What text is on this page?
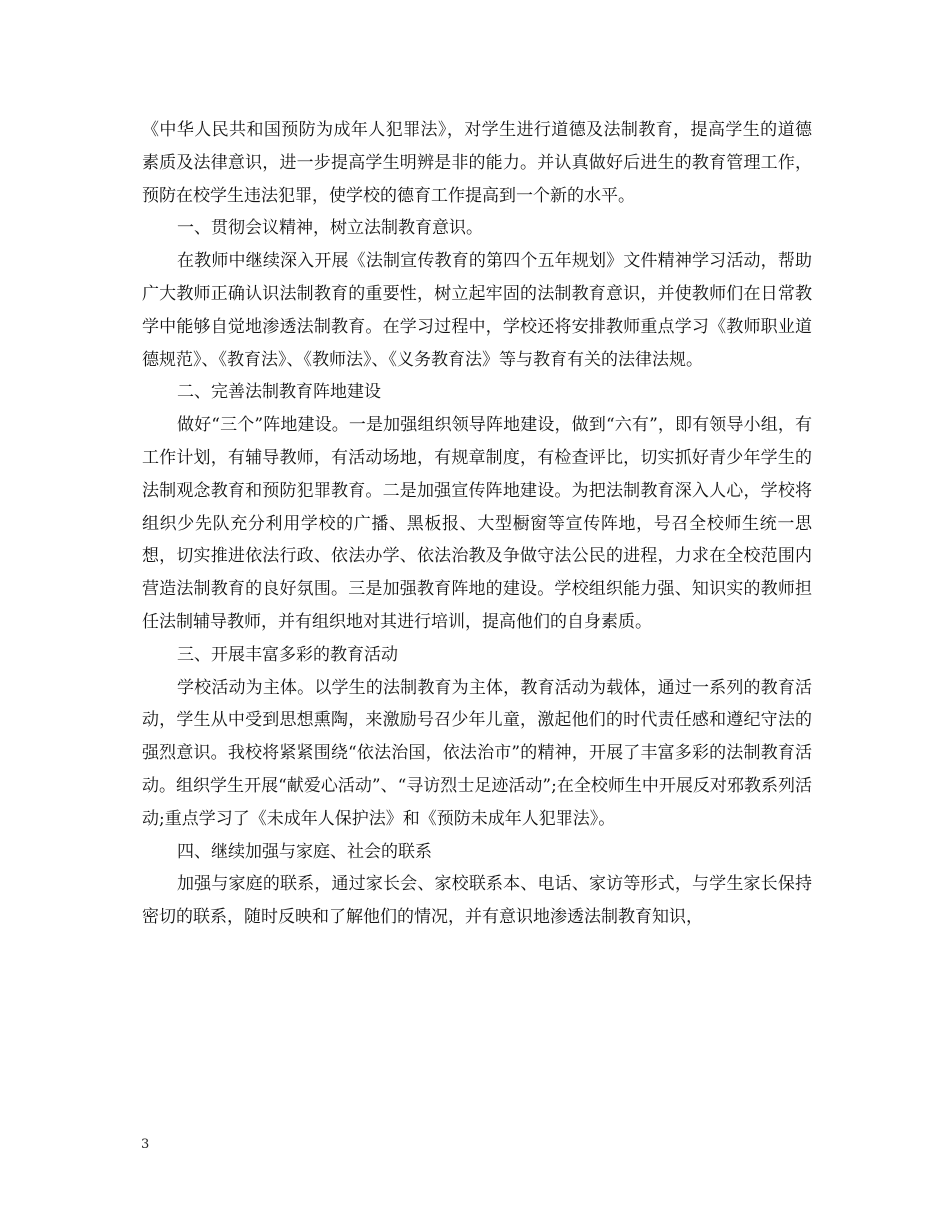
《中华人民共和国预防为成年人犯罪法》，对学生进行道德及法制教育，提高学生的道德素质及法律意识，进一步提高学生明辨是非的能力。并认真做好后进生的教育管理工作，预防在校学生违法犯罪，使学校的德育工作提高到一个新的水平。

一、贯彻会议精神，树立法制教育意识。

在教师中继续深入开展《法制宣传教育的第四个五年规划》文件精神学习活动，帮助广大教师正确认识法制教育的重要性，树立起牢固的法制教育意识，并使教师们在日常教学中能够自觉地渗透法制教育。在学习过程中，学校还将安排教师重点学习《教师职业道德规范》、《教育法》、《教师法》、《义务教育法》等与教育有关的法律法规。

二、完善法制教育阵地建设

做好“三个”阵地建设。一是加强组织领导阵地建设，做到“六有”，即有领导小组，有工作计划，有辅导教师，有活动场地，有规章制度，有检查评比，切实抓好青少年学生的法制观念教育和预防犯罪教育。二是加强宣传阵地建设。为把法制教育深入人心，学校将组织少先队充分利用学校的广播、黑板报、大型橱窗等宣传阵地，号召全校师生统一思想，切实推进依法行政、依法办学、依法治教及争做守法公民的进程，力求在全校范围内营造法制教育的良好氛围。三是加强教育阵地的建设。学校组织能力强、知识实的教师担任法制辅导教师，并有组织地对其进行培训，提高他们的自身素质。

三、开展丰富多彩的教育活动

学校活动为主体。以学生的法制教育为主体，教育活动为载体，通过一系列的教育活动，学生从中受到思想熏陶，来激励号召少年儿童，激起他们的时代责任感和遵纪守法的强烈意识。我校将紧紧围绕“依法治国，依法治市”的精神，开展了丰富多彩的法制教育活动。组织学生开展“献爱心活动”、“寻访烈士足迹活动”;在全校师生中开展反对邪教系列活动;重点学习了《未成年人保护法》和《预防未成年人犯罪法》。

四、继续加强与家庭、社会的联系

加强与家庭的联系，通过家长会、家校联系本、电话、家访等形式，与学生家长保持密切的联系，随时反映和了解他们的情况，并有意识地渗透法制教育知识，

3
